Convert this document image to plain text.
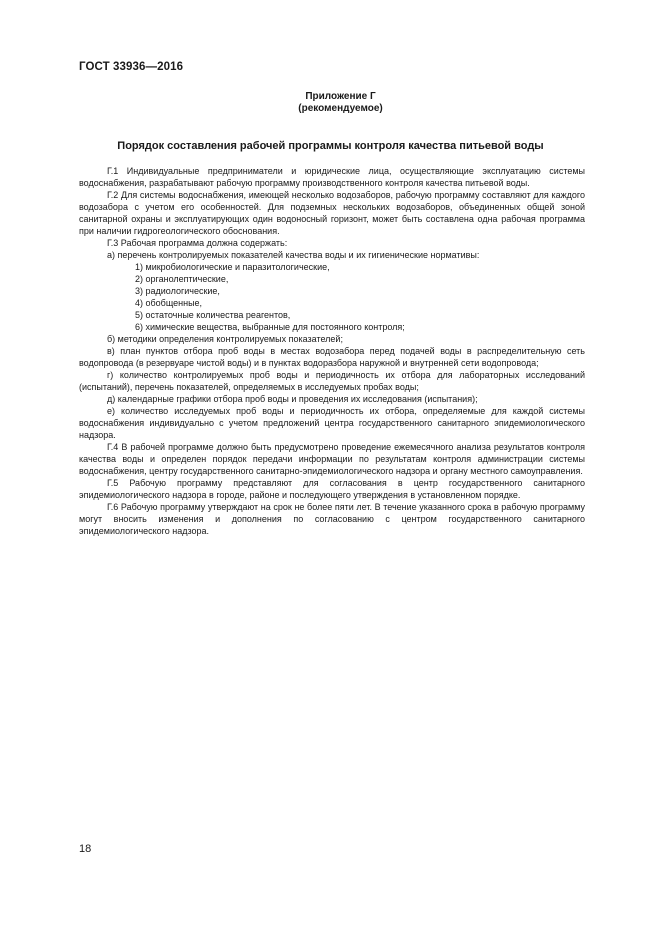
ГОСТ 33936—2016
Приложение Г
(рекомендуемое)
Порядок составления рабочей программы контроля качества питьевой воды

Г.1 Индивидуальные предприниматели и юридические лица, осуществляющие эксплуатацию системы водоснабжения, разрабатывают рабочую программу производственного контроля качества питьевой воды.

Г.2 Для системы водоснабжения, имеющей несколько водозаборов, рабочую программу составляют для каждого водозабора с учетом его особенностей. Для подземных нескольких водозаборов, объединенных общей зоной санитарной охраны и эксплуатирующих один водоносный горизонт, может быть составлена одна рабочая программа при наличии гидрогеологического обоснования.

Г.3 Рабочая программа должна содержать:

а) перечень контролируемых показателей качества воды и их гигиенические нормативы:

1) микробиологические и паразитологические,

2) органолептические,

3) радиологические,

4) обобщенные,

5) остаточные количества реагентов,

6) химические вещества, выбранные для постоянного контроля;

б) методики определения контролируемых показателей;

в) план пунктов отбора проб воды в местах водозабора перед подачей воды в распределительную сеть водопровода (в резервуаре чистой воды) и в пунктах водоразбора наружной и внутренней сети водопровода;

г) количество контролируемых проб воды и периодичность их отбора для лабораторных исследований (испытаний), перечень показателей, определяемых в исследуемых пробах воды;

д) календарные графики отбора проб воды и проведения их исследования (испытания);

е) количество исследуемых проб воды и периодичность их отбора, определяемые для каждой системы водоснабжения индивидуально с учетом предложений центра государственного санитарного эпидемиологического надзора.

Г.4 В рабочей программе должно быть предусмотрено проведение ежемесячного анализа результатов контроля качества воды и определен порядок передачи информации по результатам контроля администрации системы водоснабжения, центру государственного санитарно-эпидемиологического надзора и органу местного самоуправления.

Г.5 Рабочую программу представляют для согласования в центр государственного санитарного эпидемиологического надзора в городе, районе и последующего утверждения в установленном порядке.

Г.6 Рабочую программу утверждают на срок не более пяти лет. В течение указанного срока в рабочую программу могут вносить изменения и дополнения по согласованию с центром государственного санитарного эпидемиологического надзора.

18
